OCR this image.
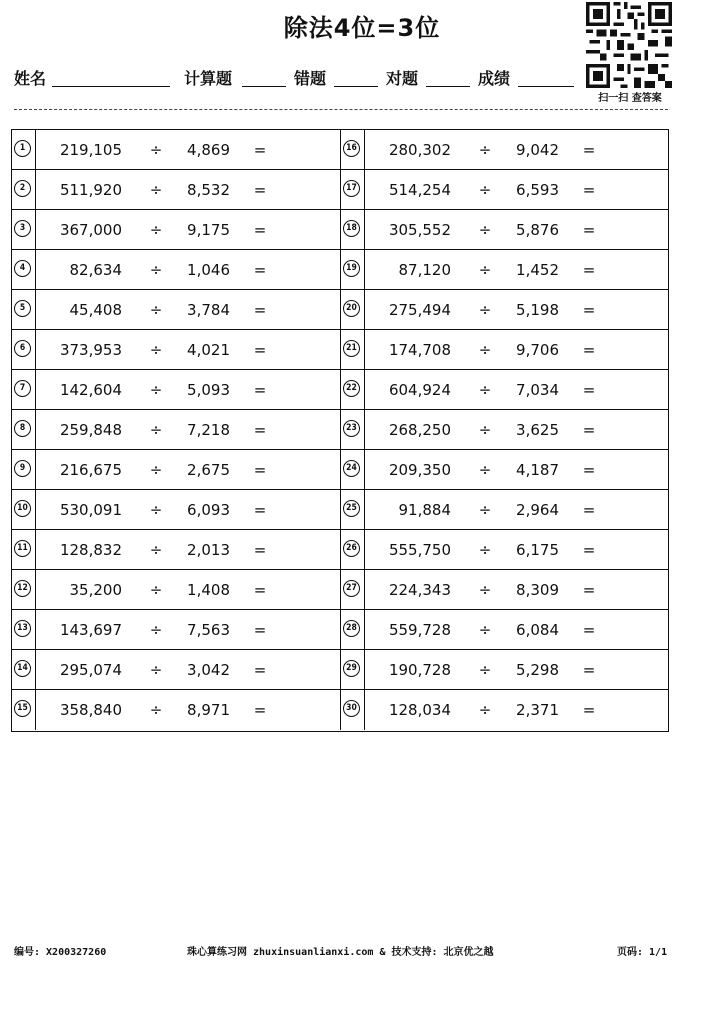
除法4位=3位
扫一扫 查答案
姓名	计算题	错题	对题	成绩
1	219,105 ÷ 4,869 =
2	511,920 ÷ 8,532 =
3	367,000 ÷ 9,175 =
4	82,634 ÷ 1,046 =
5	45,408 ÷ 3,784 =
6	373,953 ÷ 4,021 =
7	142,604 ÷ 5,093 =
8	259,848 ÷ 7,218 =
9	216,675 ÷ 2,675 =
10	530,091 ÷ 6,093 =
11	128,832 ÷ 2,013 =
12	35,200 ÷ 1,408 =
13	143,697 ÷ 7,563 =
14	295,074 ÷ 3,042 =
15	358,840 ÷ 8,971 =
16	280,302 ÷ 9,042 =
17	514,254 ÷ 6,593 =
18	305,552 ÷ 5,876 =
19	87,120 ÷ 1,452 =
20	275,494 ÷ 5,198 =
21	174,708 ÷ 9,706 =
22	604,924 ÷ 7,034 =
23	268,250 ÷ 3,625 =
24	209,350 ÷ 4,187 =
25	91,884 ÷ 2,964 =
26	555,750 ÷ 6,175 =
27	224,343 ÷ 8,309 =
28	559,728 ÷ 6,084 =
29	190,728 ÷ 5,298 =
30	128,034 ÷ 2,371 =
编号: X200327260	珠心算练习网 zhuxinsuanlianxi.com & 技术支持: 北京优之越	页码: 1/1
